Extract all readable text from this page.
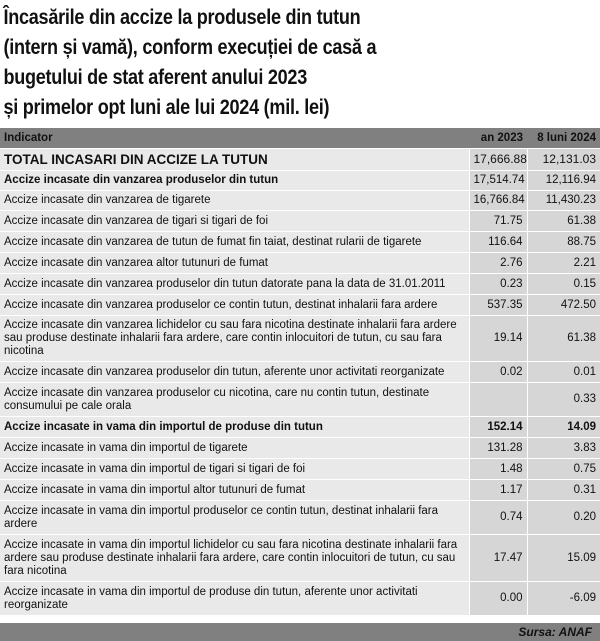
Încasările din accize la produsele din tutun
(intern și vamă), conform execuției de casă a
bugetului de stat aferent anului 2023
și primelor opt luni ale lui 2024 (mil. lei)
Indicator	an 2023	8 luni 2024
TOTAL INCASARI DIN ACCIZE LA TUTUN	17,666.88	12,131.03
Accize incasate din vanzarea produselor din tutun	17,514.74	12,116.94
Accize incasate din vanzarea de tigarete	16,766.84	11,430.23
Accize incasate din vanzarea de tigari si tigari de foi	71.75	61.38
Accize incasate din vanzarea de tutun de fumat fin taiat, destinat rularii de tigarete	116.64	88.75
Accize incasate din vanzarea altor tutunuri de fumat	2.76	2.21
Accize incasate din vanzarea produselor din tutun datorate pana la data de 31.01.2011	0.23	0.15
Accize incasate din vanzarea produselor ce contin tutun, destinat inhalarii fara ardere	537.35	472.50
Accize incasate din vanzarea lichidelor cu sau fara nicotina destinate inhalarii fara ardere sau produse destinate inhalarii fara ardere, care contin inlocuitori de tutun, cu sau fara nicotina	19.14	61.38
Accize incasate din vanzarea produselor din tutun, aferente unor activitati reorganizate	0.02	0.01
Accize incasate din vanzarea produselor cu nicotina, care nu contin tutun, destinate consumului pe cale orala		0.33
Accize incasate in vama din importul de produse din tutun	152.14	14.09
Accize incasate in vama din importul de tigarete	131.28	3.83
Accize incasate in vama din importul de tigari si tigari de foi	1.48	0.75
Accize incasate in vama din importul altor tutunuri de fumat	1.17	0.31
Accize incasate in vama din importul produselor ce contin tutun, destinat inhalarii fara ardere	0.74	0.20
Accize incasate in vama din importul lichidelor cu sau fara nicotina destinate inhalarii fara ardere sau produse destinate inhalarii fara ardere, care contin inlocuitori de tutun, cu sau fara nicotina	17.47	15.09
Accize incasate in vama din importul de produse din tutun, aferente unor activitati reorganizate	0.00	-6.09
Sursa: ANAF
